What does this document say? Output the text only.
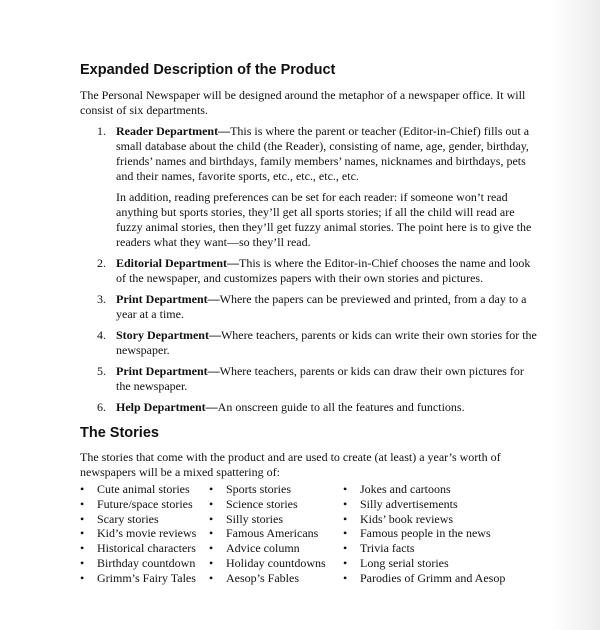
Expanded Description of the Product

The Personal Newspaper will be designed around the metaphor of a newspaper office. It will consist of six departments.

1. Reader Department—This is where the parent or teacher (Editor-in-Chief) fills out a small database about the child (the Reader), consisting of name, age, gender, birthday, friends’ names and birthdays, family members’ names, nicknames and birthdays, pets and their names, favorite sports, etc., etc., etc., etc.
In addition, reading preferences can be set for each reader: if someone won’t read anything but sports stories, they’ll get all sports stories; if all the child will read are fuzzy animal stories, then they’ll get fuzzy animal stories. The point here is to give the readers what they want—so they’ll read.
2. Editorial Department—This is where the Editor-in-Chief chooses the name and look of the newspaper, and customizes papers with their own stories and pictures.
3. Print Department—Where the papers can be previewed and printed, from a day to a year at a time.
4. Story Department—Where teachers, parents or kids can write their own stories for the newspaper.
5. Print Department—Where teachers, parents or kids can draw their own pictures for the newspaper.
6. Help Department—An onscreen guide to all the features and functions.
The Stories

The stories that come with the product and are used to create (at least) a year’s worth of newspapers will be a mixed spattering of:

• Cute animal stories
• Future/space stories
• Scary stories
• Kid’s movie reviews
• Historical characters
• Birthday countdown
• Grimm’s Fairy Tales
• Sports stories
• Science stories
• Silly stories
• Famous Americans
• Advice column
• Holiday countdowns
• Aesop’s Fables
• Jokes and cartoons
• Silly advertisements
• Kids’ book reviews
• Famous people in the news
• Trivia facts
• Long serial stories
• Parodies of Grimm and Aesop
